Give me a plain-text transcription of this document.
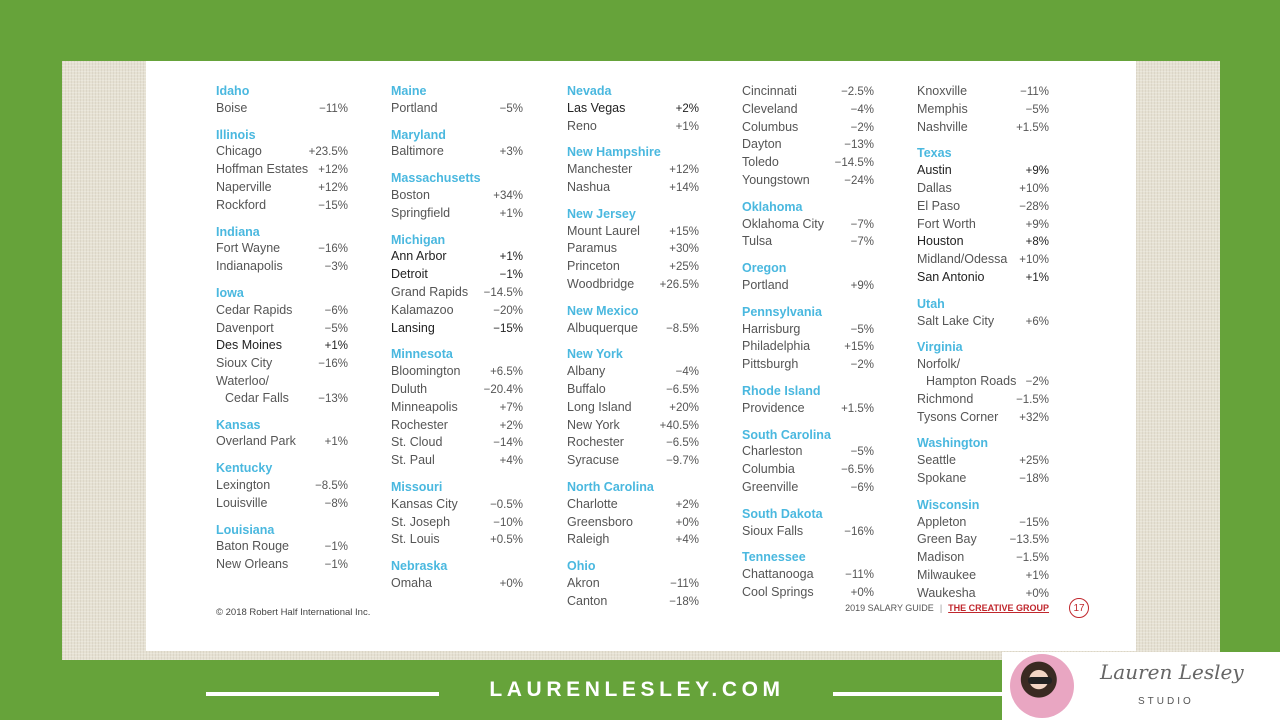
Idaho
Boise	−11%
Illinois
Chicago	+23.5%
Hoffman Estates +12%
Naperville	+12%
Rockford	−15%
Indiana
Fort Wayne	−16%
Indianapolis	−3%
Iowa
Cedar Rapids	−6%
Davenport	−5%
Des Moines	+1%
Sioux City	−16%
Waterloo/
Cedar Falls	−13%
Kansas
Overland Park	+1%
Kentucky
Lexington	−8.5%
Louisville	−8%
Louisiana
Baton Rouge	−1%
New Orleans	−1%
Maine
Portland	−5%
Maryland
Baltimore	+3%
Massachusetts
Boston	+34%
Springfield	+1%
Michigan
Ann Arbor	+1%
Detroit	−1%
Grand Rapids −14.5%
Kalamazoo	−20%
Lansing	−15%
Minnesota
Bloomington	+6.5%
Duluth	−20.4%
Minneapolis	+7%
Rochester	+2%
St. Cloud	−14%
St. Paul	+4%
Missouri
Kansas City	−0.5%
St. Joseph	−10%
St. Louis	+0.5%
Nebraska
Omaha	+0%
Nevada
Las Vegas	+2%
Reno	+1%
New Hampshire
Manchester	+12%
Nashua	+14%
New Jersey
Mount Laurel	+15%
Paramus	+30%
Princeton	+25%
Woodbridge +26.5%
New Mexico
Albuquerque −8.5%
New York
Albany	−4%
Buffalo	−6.5%
Long Island	+20%
New York	+40.5%
Rochester	−6.5%
Syracuse	−9.7%
North Carolina
Charlotte	+2%
Greensboro	+0%
Raleigh	+4%
Ohio
Akron	−11%
Canton	−18%
Cincinnati	−2.5%
Cleveland	−4%
Columbus	−2%
Dayton	−13%
Toledo	−14.5%
Youngstown	−24%
Oklahoma
Oklahoma City −7%
Tulsa	−7%
Oregon
Portland	+9%
Pennsylvania
Harrisburg	−5%
Philadelphia	+15%
Pittsburgh	−2%
Rhode Island
Providence	+1.5%
South Carolina
Charleston	−5%
Columbia	−6.5%
Greenville	−6%
South Dakota
Sioux Falls	−16%
Tennessee
Chattanooga	−11%
Cool Springs	+0%
Knoxville	−11%
Memphis	−5%
Nashville	+1.5%
Texas
Austin	+9%
Dallas	+10%
El Paso	−28%
Fort Worth	+9%
Houston	+8%
Midland/Odessa +10%
San Antonio	+1%
Utah
Salt Lake City	+6%
Virginia
Norfolk/
Hampton Roads −2%
Richmond	−1.5%
Tysons Corner +32%
Washington
Seattle	+25%
Spokane	−18%
Wisconsin
Appleton	−15%
Green Bay	−13.5%
Madison	−1.5%
Milwaukee	+1%
Waukesha	+0%
© 2018 Robert Half International Inc.	2019 SALARY GUIDE | THE CREATIVE GROUP	17
LAURENLESLEY.COM
Lauren Lesley
STUDIO
